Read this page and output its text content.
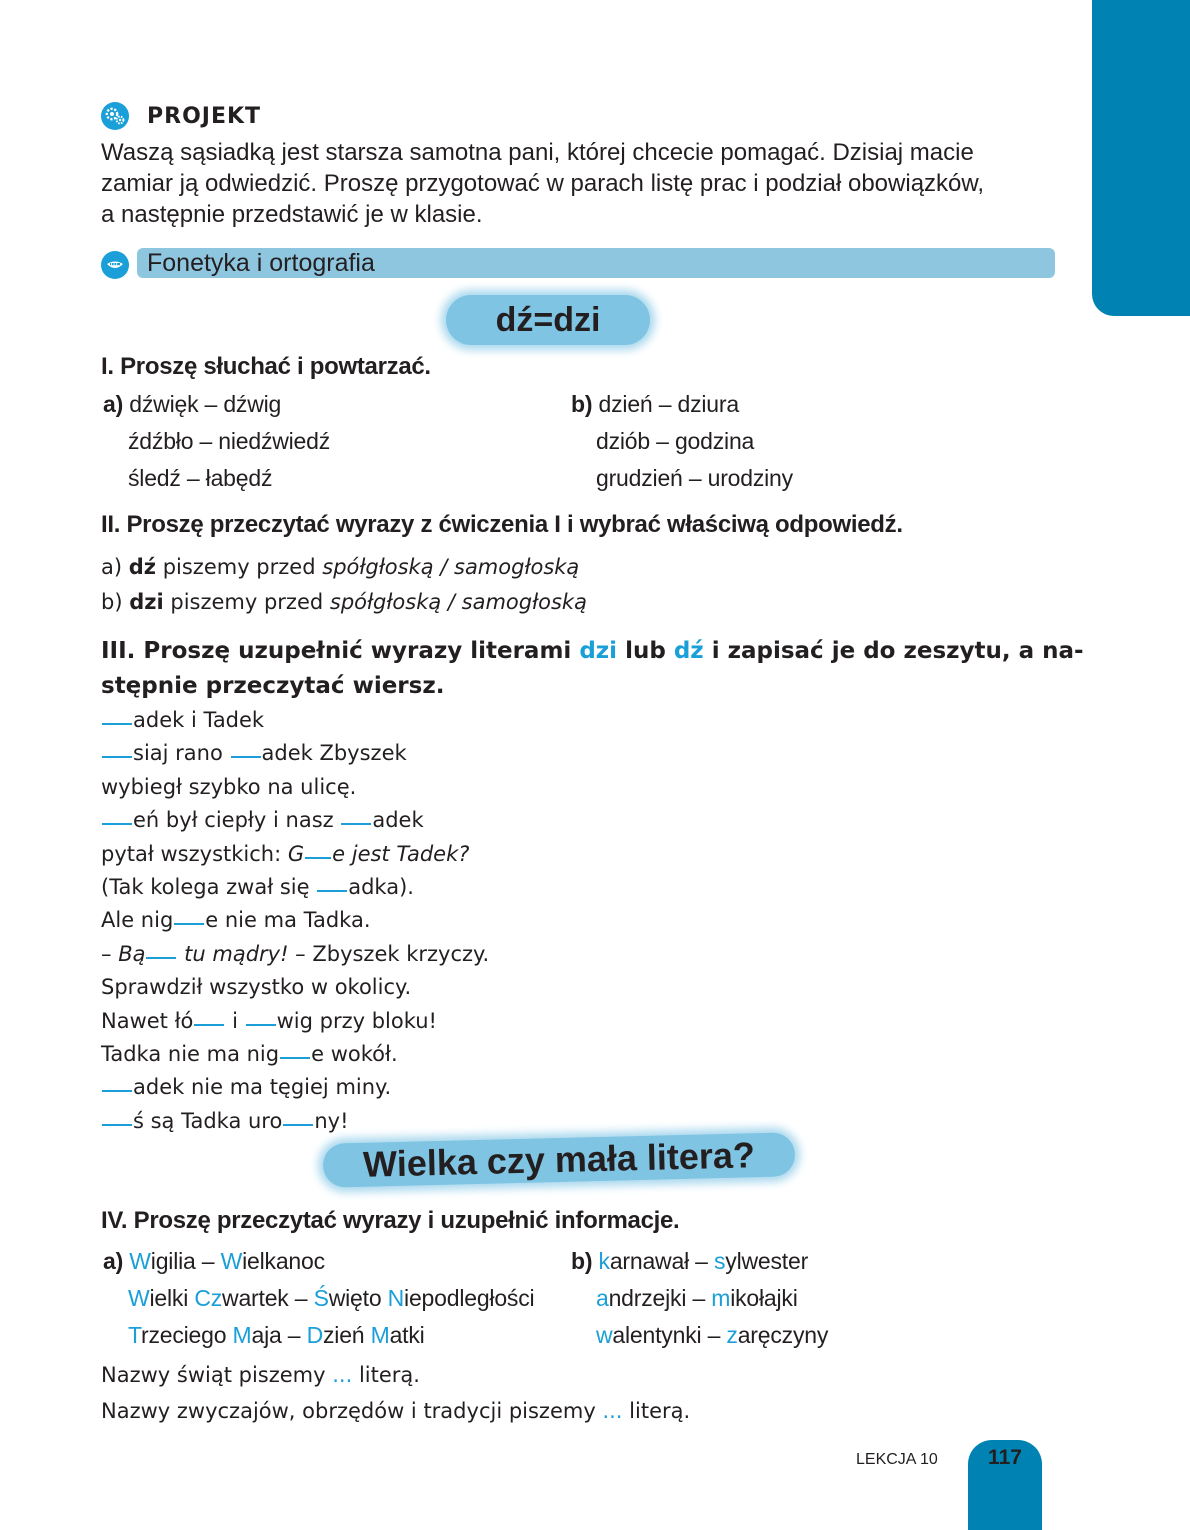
PROJEKT
Waszą sąsiadką jest starsza samotna pani, której chcecie pomagać. Dzisiaj macie
zamiar ją odwiedzić. Proszę przygotować w parach listę prac i podział obowiązków,
a następnie przedstawić je w klasie.
Fonetyka i ortografia
dź=dzi
I. Proszę słuchać i powtarzać.
a) dźwięk – dźwig
źdźbło – niedźwiedź
śledź – łabędź
b) dzień – dziura
dziób – godzina
grudzień – urodziny
II. Proszę przeczytać wyrazy z ćwiczenia I i wybrać właściwą odpowiedź.
a) dź piszemy przed spółgłoską / samogłoską
b) dzi piszemy przed spółgłoską / samogłoską
III. Proszę uzupełnić wyrazy literami dzi lub dź i zapisać je do zeszytu, a na-
stępnie przeczytać wiersz.
adek i Tadek
siaj rano adek Zbyszek
wybiegł szybko na ulicę.
eń był ciepły i nasz adek
pytał wszystkich: G e jest Tadek?
(Tak kolega zwał się adka).
Ale nig e nie ma Tadka.
– Bą tu mądry! – Zbyszek krzyczy.
Sprawdził wszystko w okolicy.
Nawet łó i wig przy bloku!
Tadka nie ma nig e wokół.
adek nie ma tęgiej miny.
ś są Tadka uro ny!
Wielka czy mała litera?
IV. Proszę przeczytać wyrazy i uzupełnić informacje.
a) Wigilia – Wielkanoc
Wielki Czwartek – Święto Niepodległości
Trzeciego Maja – Dzień Matki
b) karnawał – sylwester
andrzejki – mikołajki
walentynki – zaręczyny
Nazwy świąt piszemy ... literą.
Nazwy zwyczajów, obrzędów i tradycji piszemy ... literą.
LEKCJA 10	117
